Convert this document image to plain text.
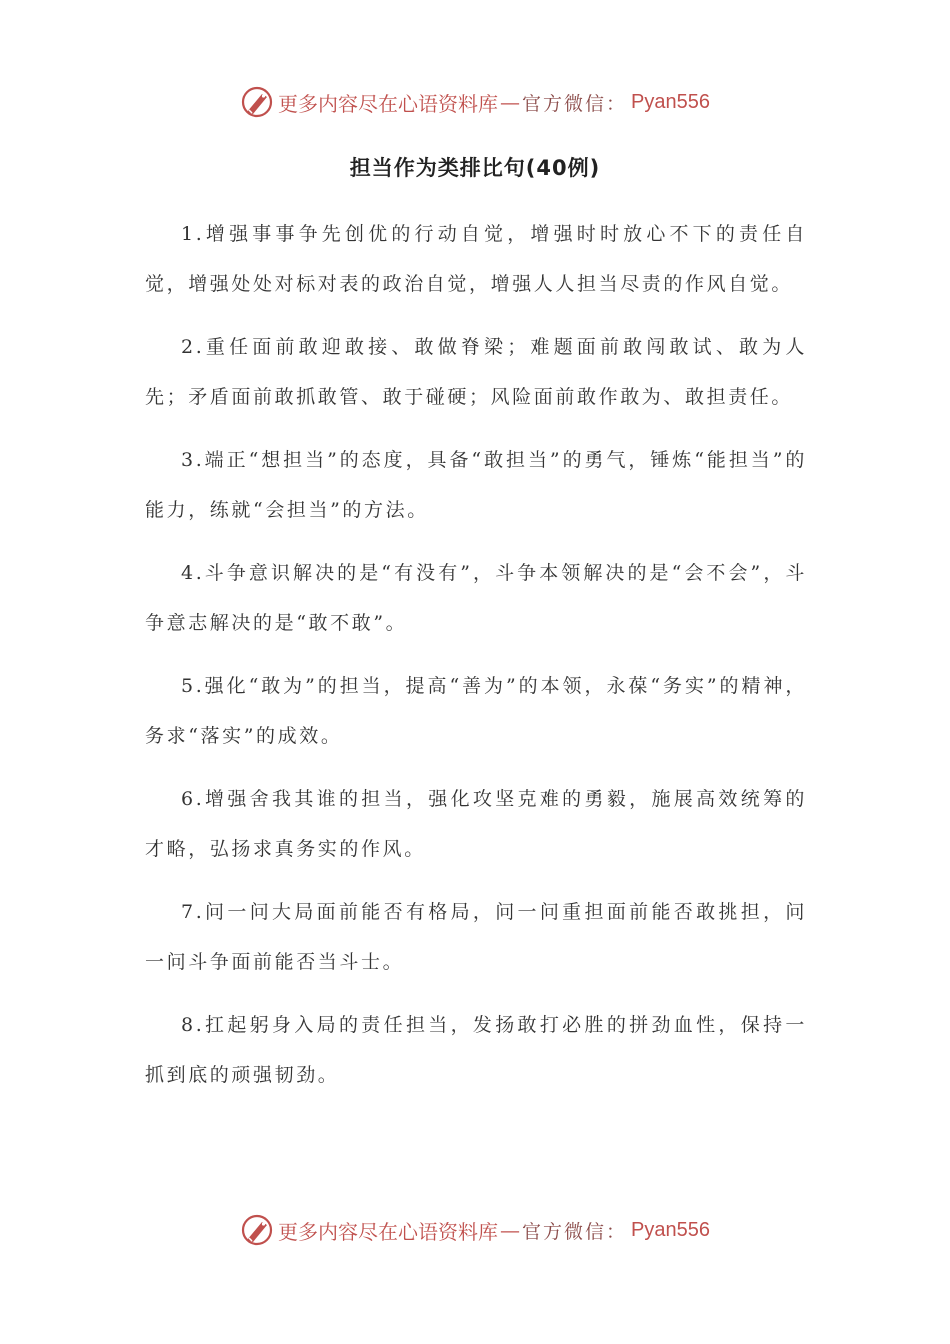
更多内容尽在心语资料库 — 官方微信： Pyan556
担当作为类排比句(40例)

1.增强事事争先创优的行动自觉，增强时时放心不下的责任自觉，增强处处对标对表的政治自觉，增强人人担当尽责的作风自觉。

2.重任面前敢迎敢接、敢做脊梁；难题面前敢闯敢试、敢为人先；矛盾面前敢抓敢管、敢于碰硬；风险面前敢作敢为、敢担责任。

3.端正“想担当”的态度，具备“敢担当”的勇气，锤炼“能担当”的能力，练就“会担当”的方法。

4.斗争意识解决的是“有没有”，斗争本领解决的是“会不会”，斗争意志解决的是“敢不敢”。

5.强化“敢为”的担当，提高“善为”的本领，永葆“务实”的精神，务求“落实”的成效。

6.增强舍我其谁的担当，强化攻坚克难的勇毅，施展高效统筹的才略，弘扬求真务实的作风。

7.问一问大局面前能否有格局，问一问重担面前能否敢挑担，问一问斗争面前能否当斗士。

8.扛起躬身入局的责任担当，发扬敢打必胜的拼劲血性，保持一抓到底的顽强韧劲。

更多内容尽在心语资料库 — 官方微信： Pyan556
